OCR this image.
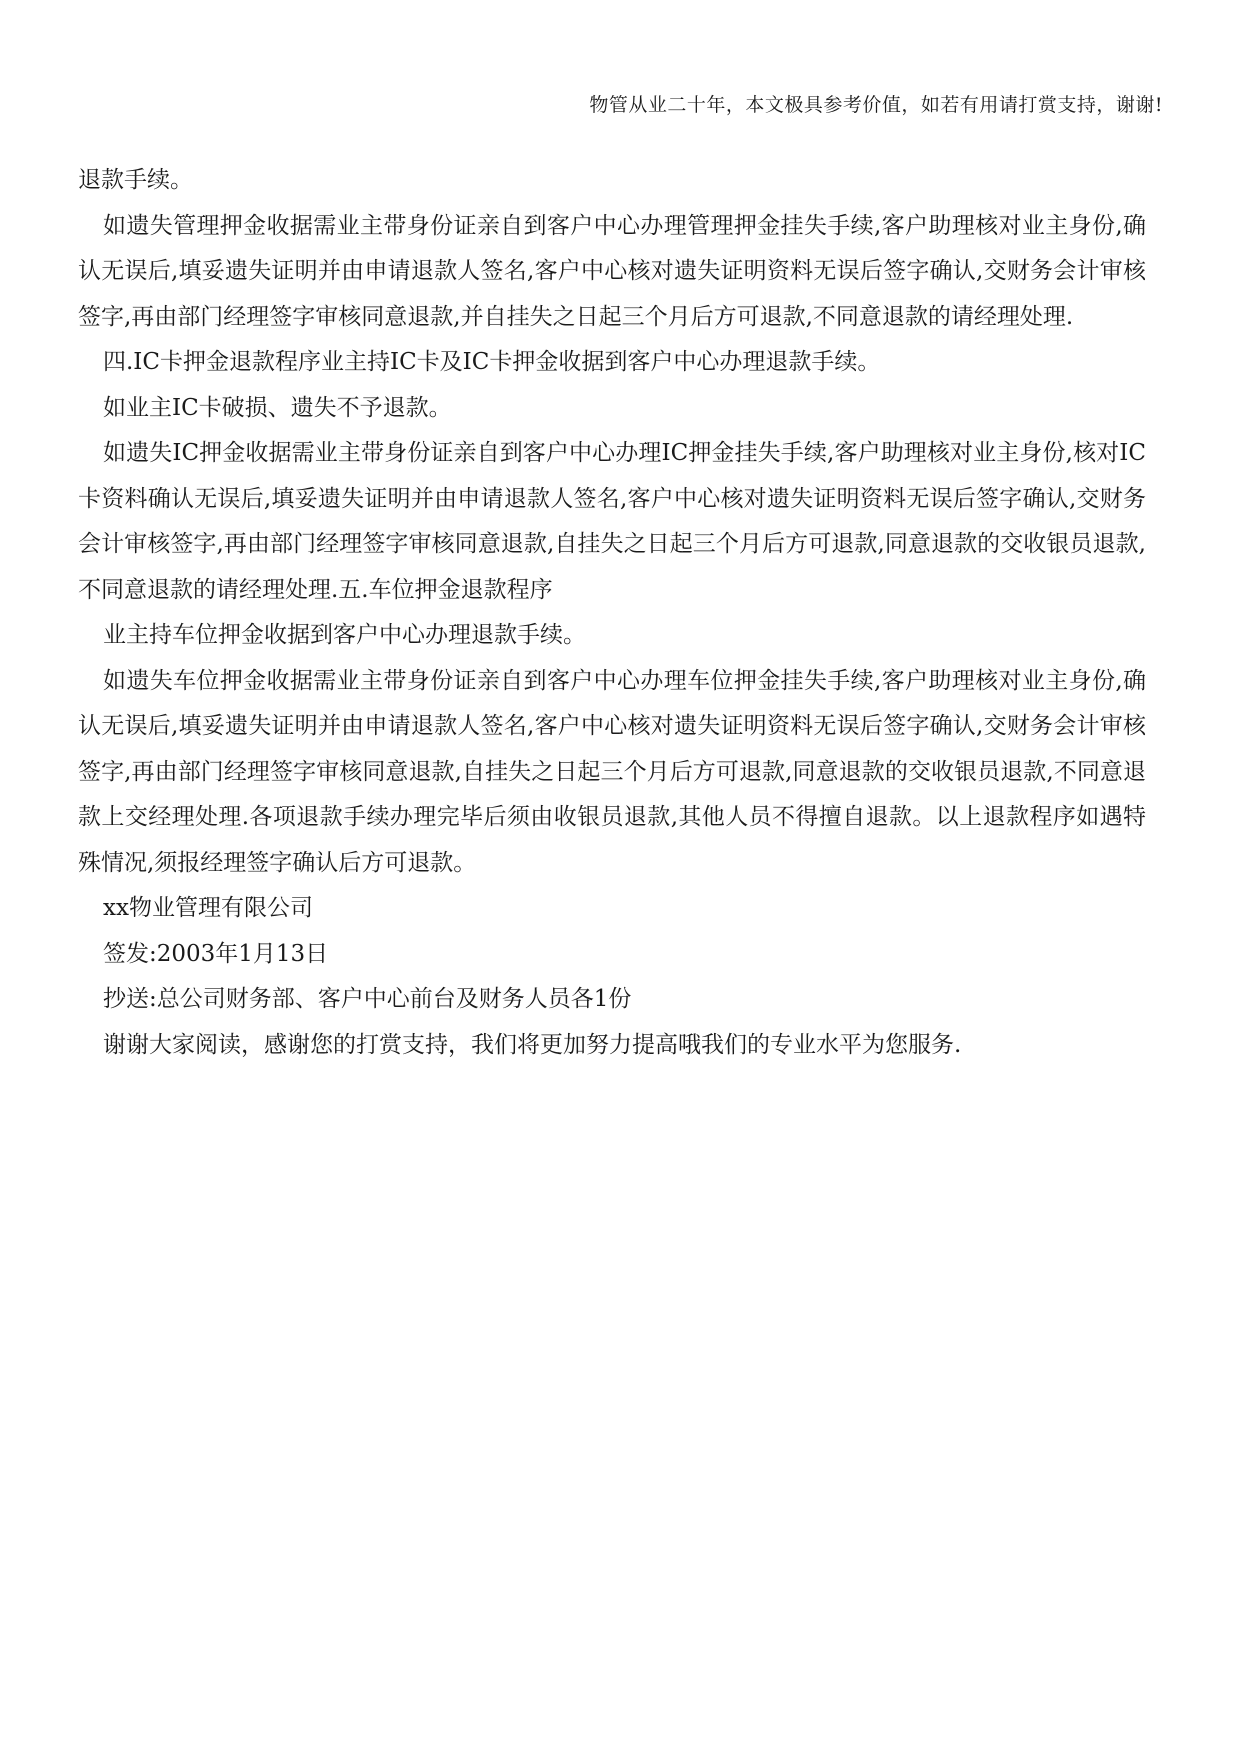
物管从业二十年，本文极具参考价值，如若有用请打赏支持，谢谢!

退款手续。

如遗失管理押金收据需业主带身份证亲自到客户中心办理管理押金挂失手续,客户助理核对业主身份,确认无误后,填妥遗失证明并由申请退款人签名,客户中心核对遗失证明资料无误后签字确认,交财务会计审核签字,再由部门经理签字审核同意退款,并自挂失之日起三个月后方可退款,不同意退款的请经理处理.

四.IC卡押金退款程序业主持IC卡及IC卡押金收据到客户中心办理退款手续。

如业主IC卡破损、遗失不予退款。

如遗失IC押金收据需业主带身份证亲自到客户中心办理IC押金挂失手续,客户助理核对业主身份,核对IC卡资料确认无误后,填妥遗失证明并由申请退款人签名,客户中心核对遗失证明资料无误后签字确认,交财务会计审核签字,再由部门经理签字审核同意退款,自挂失之日起三个月后方可退款,同意退款的交收银员退款,不同意退款的请经理处理.五.车位押金退款程序

业主持车位押金收据到客户中心办理退款手续。

如遗失车位押金收据需业主带身份证亲自到客户中心办理车位押金挂失手续,客户助理核对业主身份,确认无误后,填妥遗失证明并由申请退款人签名,客户中心核对遗失证明资料无误后签字确认,交财务会计审核签字,再由部门经理签字审核同意退款,自挂失之日起三个月后方可退款,同意退款的交收银员退款,不同意退款上交经理处理.各项退款手续办理完毕后须由收银员退款,其他人员不得擅自退款。以上退款程序如遇特殊情况,须报经理签字确认后方可退款。

xx物业管理有限公司

签发:2003年1月13日

抄送:总公司财务部、客户中心前台及财务人员各1份

谢谢大家阅读，感谢您的打赏支持，我们将更加努力提高哦我们的专业水平为您服务.
